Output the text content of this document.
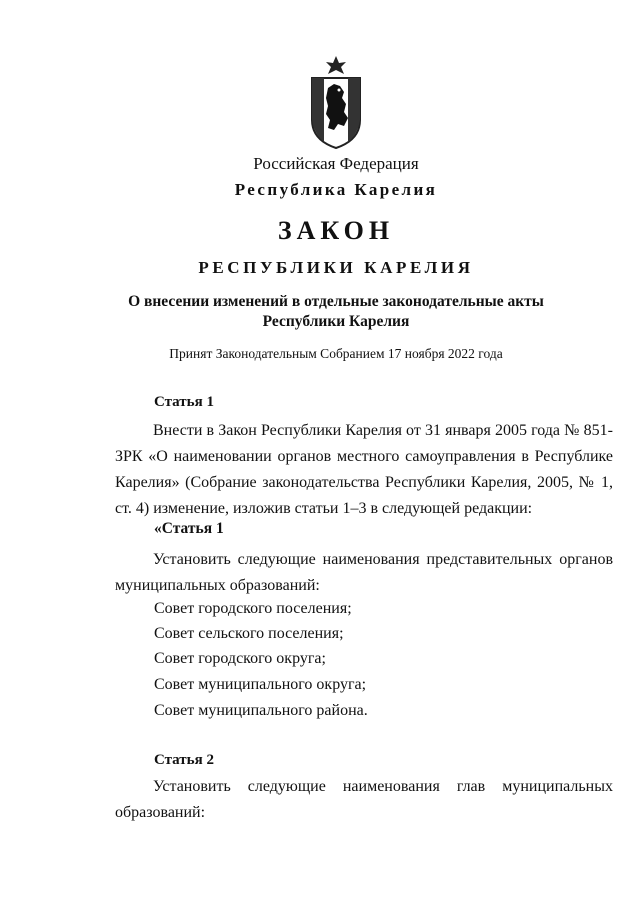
Российская Федерация
Республика Карелия
ЗАКОН
РЕСПУБЛИКИ КАРЕЛИЯ
О внесении изменений в отдельные законодательные акты
Республики Карелия
Принят Законодательным Собранием 17 ноября 2022 года
Статья 1
Внести в Закон Республики Карелия от 31 января 2005 года № 851-ЗРК «О наименовании органов местного самоуправления в Республике Карелия» (Собрание законодательства Республики Карелия, 2005, № 1, ст. 4) изменение, изложив статьи 1–3 в следующей редакции:
«Статья 1
Установить следующие наименования представительных органов муниципальных образований:
Совет городского поселения;
Совет сельского поселения;
Совет городского округа;
Совет муниципального округа;
Совет муниципального района.
Статья 2
Установить следующие наименования глав муниципальных образований:
